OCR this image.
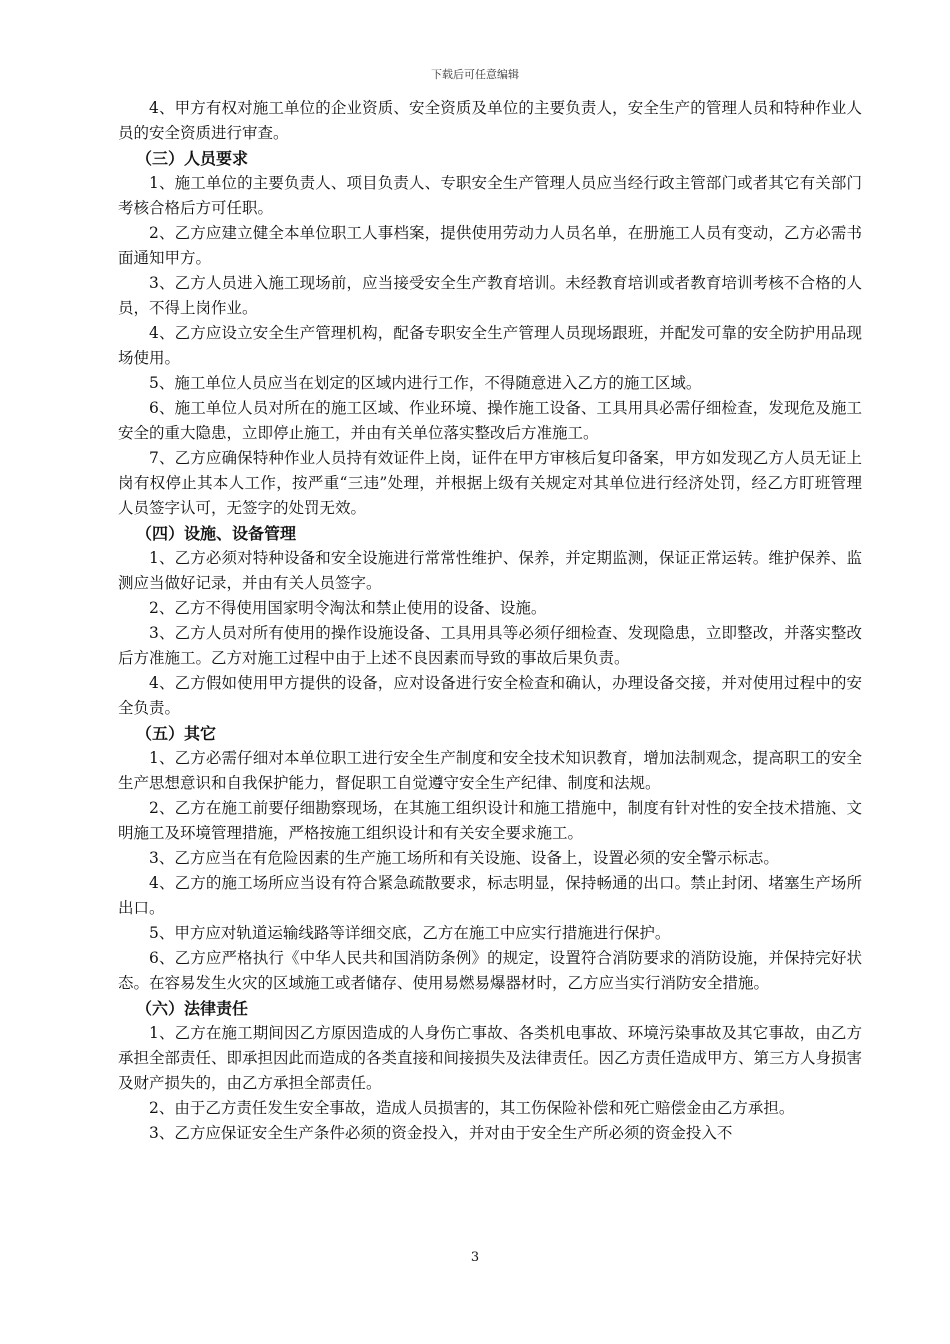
下载后可任意编辑

4、甲方有权对施工单位的企业资质、安全资质及单位的主要负责人，安全生产的管理人员和特种作业人员的安全资质进行审查。

（三）人员要求

1、施工单位的主要负责人、项目负责人、专职安全生产管理人员应当经行政主管部门或者其它有关部门考核合格后方可任职。

2、乙方应建立健全本单位职工人事档案，提供使用劳动力人员名单，在册施工人员有变动，乙方必需书面通知甲方。

3、乙方人员进入施工现场前，应当接受安全生产教育培训。未经教育培训或者教育培训考核不合格的人员，不得上岗作业。

4、乙方应设立安全生产管理机构，配备专职安全生产管理人员现场跟班，并配发可靠的安全防护用品现场使用。

5、施工单位人员应当在划定的区域内进行工作，不得随意进入乙方的施工区域。

6、施工单位人员对所在的施工区域、作业环境、操作施工设备、工具用具必需仔细检查，发现危及施工安全的重大隐患，立即停止施工，并由有关单位落实整改后方准施工。

7、乙方应确保特种作业人员持有效证件上岗，证件在甲方审核后复印备案，甲方如发现乙方人员无证上岗有权停止其本人工作，按严重“三违”处理，并根据上级有关规定对其单位进行经济处罚，经乙方盯班管理人员签字认可，无签字的处罚无效。

（四）设施、设备管理

1、乙方必须对特种设备和安全设施进行常常性维护、保养，并定期监测，保证正常运转。维护保养、监测应当做好记录，并由有关人员签字。

2、乙方不得使用国家明令淘汰和禁止使用的设备、设施。

3、乙方人员对所有使用的操作设施设备、工具用具等必须仔细检查、发现隐患，立即整改，并落实整改后方准施工。乙方对施工过程中由于上述不良因素而导致的事故后果负责。

4、乙方假如使用甲方提供的设备，应对设备进行安全检查和确认，办理设备交接，并对使用过程中的安全负责。

（五）其它

1、乙方必需仔细对本单位职工进行安全生产制度和安全技术知识教育，增加法制观念，提高职工的安全生产思想意识和自我保护能力，督促职工自觉遵守安全生产纪律、制度和法规。

2、乙方在施工前要仔细勘察现场，在其施工组织设计和施工措施中，制度有针对性的安全技术措施、文明施工及环境管理措施，严格按施工组织设计和有关安全要求施工。

3、乙方应当在有危险因素的生产施工场所和有关设施、设备上，设置必须的安全警示标志。

4、乙方的施工场所应当设有符合紧急疏散要求，标志明显，保持畅通的出口。禁止封闭、堵塞生产场所出口。

5、甲方应对轨道运输线路等详细交底，乙方在施工中应实行措施进行保护。

6、乙方应严格执行《中华人民共和国消防条例》的规定，设置符合消防要求的消防设施，并保持完好状态。在容易发生火灾的区域施工或者储存、使用易燃易爆器材时，乙方应当实行消防安全措施。

（六）法律责任

1、乙方在施工期间因乙方原因造成的人身伤亡事故、各类机电事故、环境污染事故及其它事故，由乙方承担全部责任、即承担因此而造成的各类直接和间接损失及法律责任。因乙方责任造成甲方、第三方人身损害及财产损失的，由乙方承担全部责任。

2、由于乙方责任发生安全事故，造成人员损害的，其工伤保险补偿和死亡赔偿金由乙方承担。

3、乙方应保证安全生产条件必须的资金投入，并对由于安全生产所必须的资金投入不

3
